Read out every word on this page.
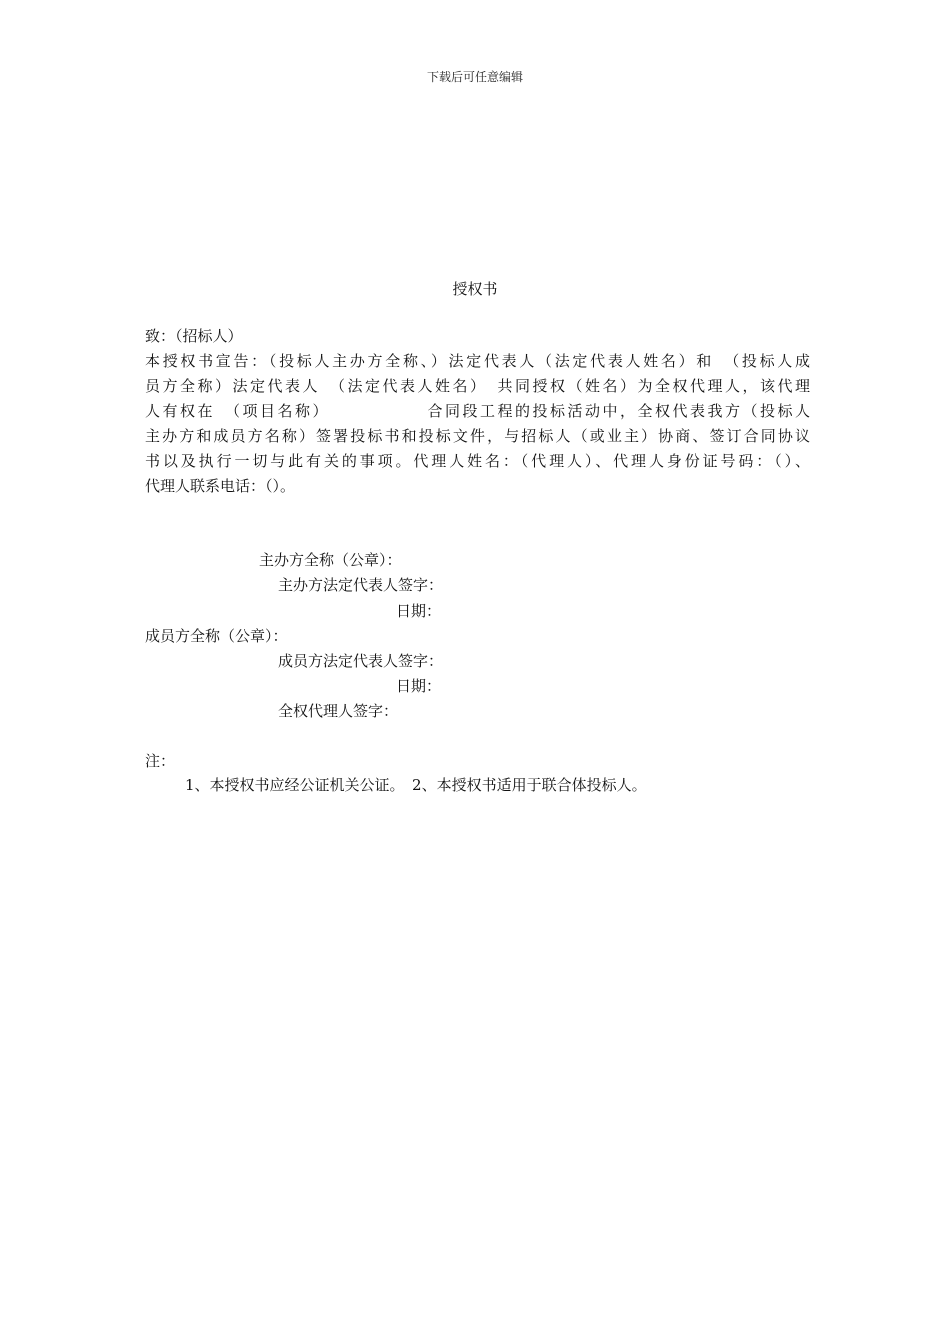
下载后可任意编辑
授权书
致：（招标人）
本授权书宣告：（投标人主办方全称、）法定代表人（法定代表人姓名）和　（投标人成
员方全称）法定代表人　（法定代表人姓名）　共同授权（姓名）为全权代理人，该代理
人有权在　（项目名称）　　　　　　合同段工程的投标活动中，全权代表我方（投标人
主办方和成员方名称）签署投标书和投标文件，与招标人（或业主）协商、签订合同协议
书以及执行一切与此有关的事项。代理人姓名：（代理人）、代理人身份证号码：（）、
代理人联系电话：（）。
主办方全称（公章）：
主办方法定代表人签字：
日期：
成员方全称（公章）：
成员方法定代表人签字：
日期：
全权代理人签字：
注：
1、本授权书应经公证机关公证。　2、本授权书适用于联合体投标人。
